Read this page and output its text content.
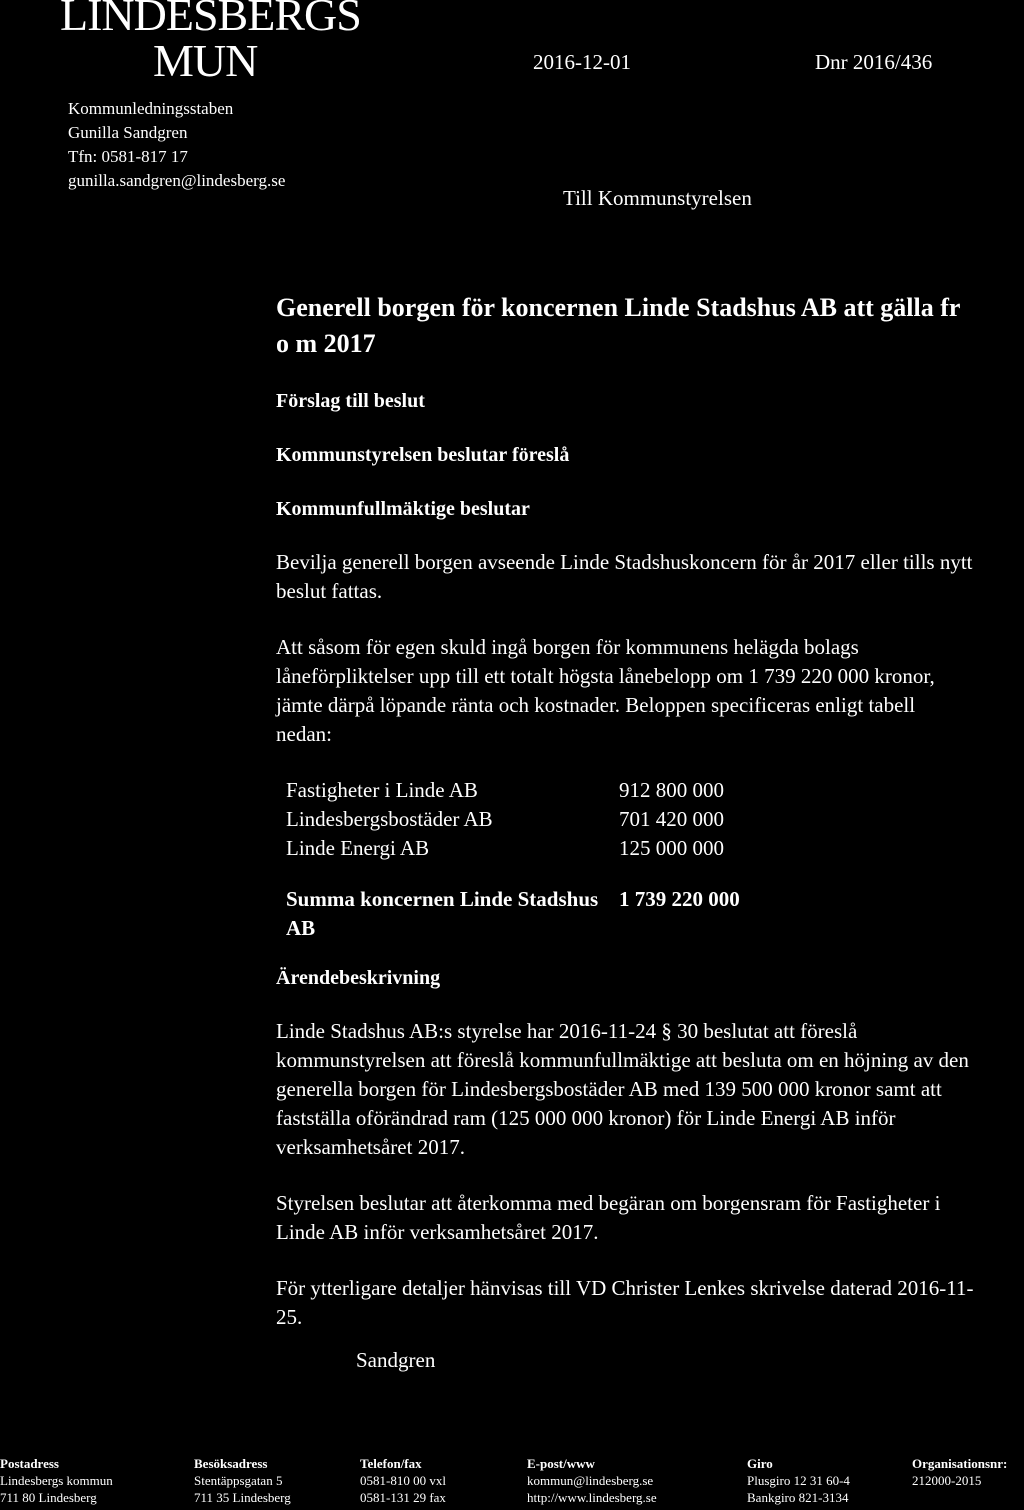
LINDESBERGS
MUN
Kommunledningsstaben
Gunilla Sandgren
Tfn: 0581-817 17
gunilla.sandgren@lindesberg.se
2016-12-01	Dnr 2016/436
Till Kommunstyrelsen
Generell borgen för koncernen Linde Stadshus AB att gälla fr o m 2017
Förslag till beslut
Kommunstyrelsen beslutar föreslå
Kommunfullmäktige beslutar

Bevilja generell borgen avseende Linde Stadshuskoncern för år 2017 eller tills nytt beslut fattas.

Att såsom för egen skuld ingå borgen för kommunens helägda bolags låneförpliktelser upp till ett totalt högsta lånebelopp om 1 739 220 000 kronor, jämte därpå löpande ränta och kostnader. Beloppen specificeras enligt tabell nedan:

Fastigheter i Linde AB	912 800 000
Lindesbergsbostäder AB	701 420 000
Linde Energi AB	125 000 000

Summa koncernen Linde Stadshus AB	1 739 220 000
Ärendebeskrivning

Linde Stadshus AB:s styrelse har 2016-11-24 § 30 beslutat att föreslå kommunstyrelsen att föreslå kommunfullmäktige att besluta om en höjning av den generella borgen för Lindesbergsbostäder AB med 139 500 000 kronor samt att fastställa oförändrad ram (125 000 000 kronor) för Linde Energi AB inför verksamhetsåret 2017.

Styrelsen beslutar att återkomma med begäran om borgensram för Fastigheter i Linde AB inför verksamhetsåret 2017.

För ytterligare detaljer hänvisas till VD Christer Lenkes skrivelse daterad 2016-11-25.

Sandgren
Postadress
Lindesbergs kommun
711 80 Lindesberg
Besöksadress
Stentäppsgatan 5
711 35 Lindesberg
Telefon/fax
0581-810 00 vxl
0581-131 29 fax
E-post/www
kommun@lindesberg.se
http://www.lindesberg.se
Giro
Plusgiro 12 31 60-4
Bankgiro 821-3134
Organisationsnr:
212000-2015
